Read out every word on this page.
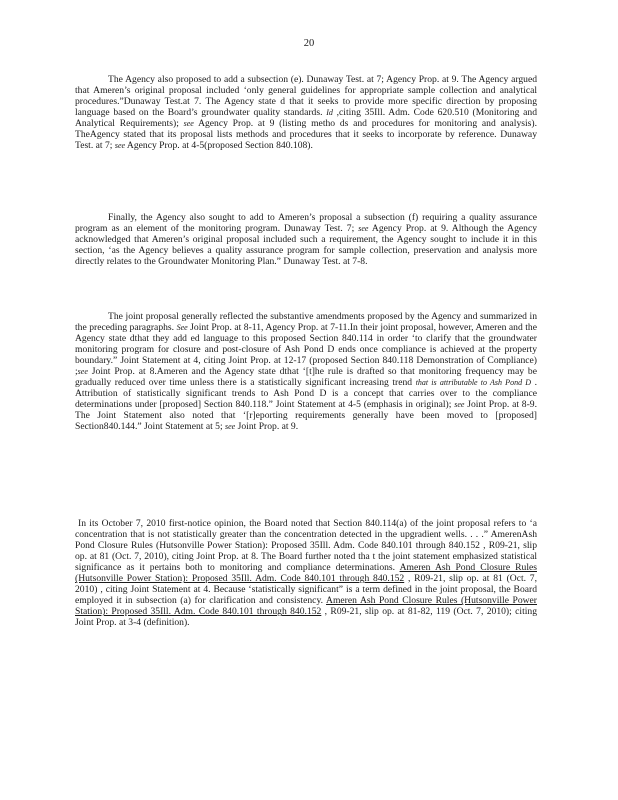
20

The Agency also proposed to add a subsection (e). Dunaway Test. at 7; Agency Prop. at 9. The Agency argued that Ameren’s original proposal included ‘only general guidelines for appropriate sample collection and analytical procedures.”Dunaway Test.at 7. The Agency state d that it seeks to provide more specific direction by proposing language based on the Board’s groundwater quality standards. Id ,citing 35Ill. Adm. Code 620.510 (Monitoring and Analytical Requirements); see Agency Prop. at 9 (listing metho ds and procedures for monitoring and analysis). TheAgency stated that its proposal lists methods and procedures that it seeks to incorporate by reference. Dunaway Test. at 7; see Agency Prop. at 4-5(proposed Section 840.108).

Finally, the Agency also sought to add to Ameren’s proposal a subsection (f) requiring a quality assurance program as an element of the monitoring program. Dunaway Test. 7; see Agency Prop. at 9. Although the Agency acknowledged that Ameren’s original proposal included such a requirement, the Agency sought to include it in this section, ‘as the Agency believes a quality assurance program for sample collection, preservation and analysis more directly relates to the Groundwater Monitoring Plan.” Dunaway Test. at 7-8.

The joint proposal generally reflected the substantive amendments proposed by the Agency and summarized in the preceding paragraphs. See Joint Prop. at 8-11, Agency Prop. at 7-11.In their joint proposal, however, Ameren and the Agency state dthat they add ed language to this proposed Section 840.114 in order ‘to clarify that the groundwater monitoring program for closure and post-closure of Ash Pond D ends once compliance is achieved at the property boundary.” Joint Statement at 4, citing Joint Prop. at 12-17 (proposed Section 840.118 Demonstration of Compliance) ;see Joint Prop. at 8.Ameren and the Agency state dthat ‘[t]he rule is drafted so that monitoring frequency may be gradually reduced over time unless there is a statistically significant increasing trend that is attributable to Ash Pond D . Attribution of statistically significant trends to Ash Pond D is a concept that carries over to the compliance determinations under [proposed] Section 840.118.” Joint Statement at 4-5 (emphasis in original); see Joint Prop. at 8-9. The Joint Statement also noted that ‘[r]eporting requirements generally have been moved to [proposed] Section840.144.” Joint Statement at 5; see Joint Prop. at 9.

In its October 7, 2010 first-notice opinion, the Board noted that Section 840.114(a) of the joint proposal refers to ‘a concentration that is not statistically greater than the concentration detected in the upgradient wells. . . .” AmerenAsh Pond Closure Rules (Hutsonville Power Station): Proposed 35Ill. Adm. Code 840.101 through 840.152 , R09-21, slip op. at 81 (Oct. 7, 2010), citing Joint Prop. at 8. The Board further noted tha t the joint statement emphasized statistical significance as it pertains both to monitoring and compliance determinations. Ameren Ash Pond Closure Rules (Hutsonville Power Station): Proposed 35Ill. Adm. Code 840.101 through 840.152 , R09-21, slip op. at 81 (Oct. 7, 2010) , citing Joint Statement at 4. Because ‘statistically significant” is a term defined in the joint proposal, the Board employed it in subsection (a) for clarification and consistency. Ameren Ash Pond Closure Rules (Hutsonville Power Station): Proposed 35Ill. Adm. Code 840.101 through 840.152 , R09-21, slip op. at 81-82, 119 (Oct. 7, 2010); citing Joint Prop. at 3-4 (definition).
